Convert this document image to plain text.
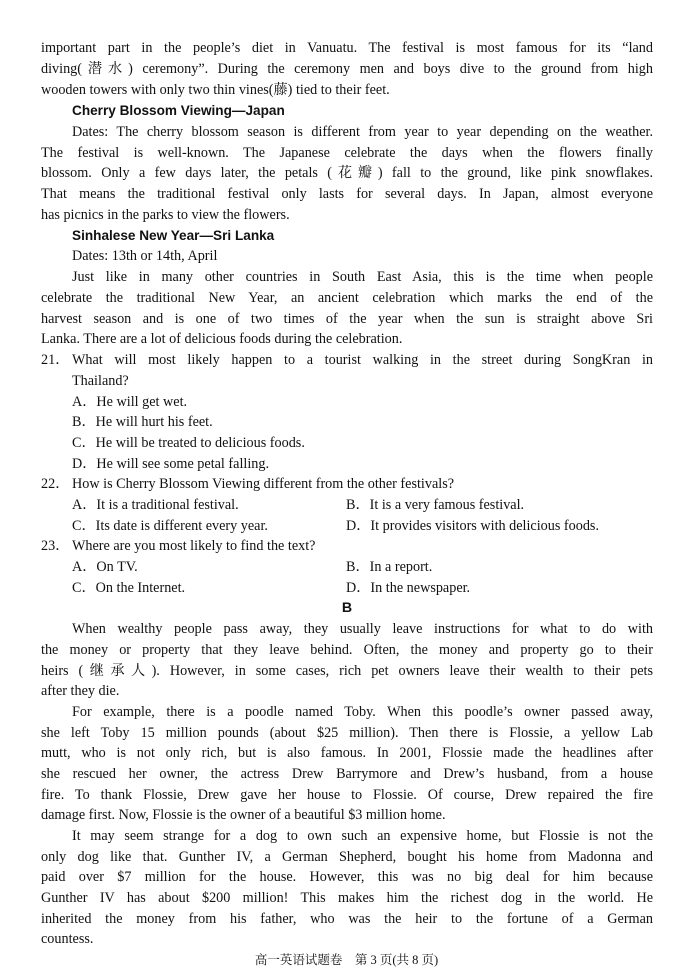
important part in the people’s diet in Vanuatu. The festival is most famous for its “land
diving(潜水) ceremony”. During the ceremony men and boys dive to the ground from high
wooden towers with only two thin vines(藤) tied to their feet.
Cherry Blossom Viewing—Japan
Dates: The cherry blossom season is different from year to year depending on the weather.
The festival is well-known. The Japanese celebrate the days when the flowers finally
blossom. Only a few days later, the petals (花瓣) fall to the ground, like pink snowflakes.
That means the traditional festival only lasts for several days. In Japan, almost everyone
has picnics in the parks to view the flowers.
Sinhalese New Year—Sri Lanka
Dates: 13th or 14th, April
Just like in many other countries in South East Asia, this is the time when people
celebrate the traditional New Year, an ancient celebration which marks the end of the
harvest season and is one of two times of the year when the sun is straight above Sri
Lanka. There are a lot of delicious foods during the celebration.
21． What will most likely happen to a tourist walking in the street during SongKran in
Thailand?
A．He will get wet.
B．He will hurt his feet.
C．He will be treated to delicious foods.
D．He will see some petal falling.
22． How is Cherry Blossom Viewing different from the other festivals?
A．It is a traditional festival.	B．It is a very famous festival.
C．Its date is different every year.	D．It provides visitors with delicious foods.
23． Where are you most likely to find the text?
A．On TV.	B．In a report.
C．On the Internet.	D．In the newspaper.
B
When wealthy people pass away, they usually leave instructions for what to do with
the money or property that they leave behind. Often, the money and property go to their
heirs (继承人). However, in some cases, rich pet owners leave their wealth to their pets
after they die.
For example, there is a poodle named Toby. When this poodle’s owner passed away,
she left Toby 15 million pounds (about $25 million). Then there is Flossie, a yellow Lab
mutt, who is not only rich, but is also famous. In 2001, Flossie made the headlines after
she rescued her owner, the actress Drew Barrymore and Drew’s husband, from a house
fire. To thank Flossie, Drew gave her house to Flossie. Of course, Drew repaired the fire
damage first. Now, Flossie is the owner of a beautiful $3 million home.
It may seem strange for a dog to own such an expensive home, but Flossie is not the
only dog like that. Gunther IV, a German Shepherd, bought his home from Madonna and
paid over $7 million for the house. However, this was no big deal for him because
Gunther IV has about $200 million! This makes him the richest dog in the world. He
inherited the money from his father, who was the heir to the fortune of a German
countess.
高一英语试题卷　第 3 页(共 8 页)
